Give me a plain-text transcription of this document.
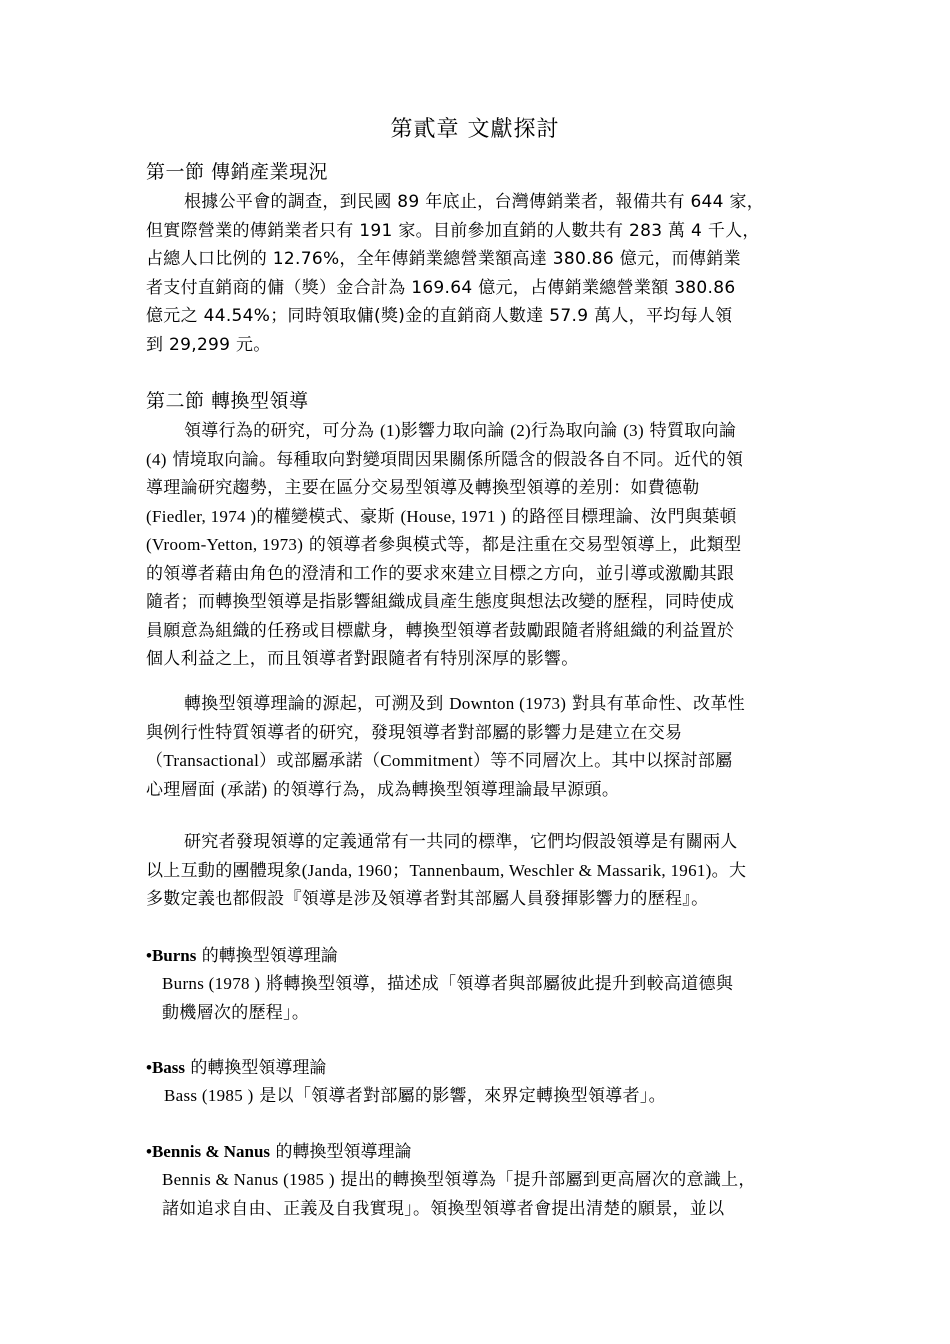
第貳章 文獻探討
第一節 傳銷產業現況
根據公平會的調查，到民國 89 年底止，台灣傳銷業者，報備共有 644 家，
但實際營業的傳銷業者只有 191 家。目前參加直銷的人數共有 283 萬 4 千人，
占總人口比例的 12.76%，全年傳銷業總營業額高達 380.86 億元，而傳銷業
者支付直銷商的傭（獎）金合計為 169.64 億元，占傳銷業總營業額 380.86
億元之 44.54%；同時領取傭(獎)金的直銷商人數達 57.9 萬人，平均每人領
到 29,299 元。
第二節 轉換型領導
領導行為的研究，可分為 (1)影響力取向論 (2)行為取向論 (3) 特質取向論
(4) 情境取向論。每種取向對變項間因果關係所隱含的假設各自不同。近代的領
導理論研究趨勢，主要在區分交易型領導及轉換型領導的差別：如費德勒
(Fiedler, 1974 )的權變模式、豪斯 (House, 1971 ) 的路徑目標理論、汝門與葉頓
(Vroom-Yetton, 1973) 的領導者參與模式等，都是注重在交易型領導上，此類型
的領導者藉由角色的澄清和工作的要求來建立目標之方向，並引導或激勵其跟
隨者；而轉換型領導是指影響組織成員產生態度與想法改變的歷程，同時使成
員願意為組織的任務或目標獻身，轉換型領導者鼓勵跟隨者將組織的利益置於
個人利益之上，而且領導者對跟隨者有特別深厚的影響。
轉換型領導理論的源起，可溯及到 Downton (1973) 對具有革命性、改革性
與例行性特質領導者的研究，發現領導者對部屬的影響力是建立在交易
（Transactional）或部屬承諾（Commitment）等不同層次上。其中以探討部屬
心理層面 (承諾) 的領導行為，成為轉換型領導理論最早源頭。
研究者發現領導的定義通常有一共同的標準，它們均假設領導是有關兩人
以上互動的團體現象(Janda, 1960；Tannenbaum, Weschler & Massarik, 1961)。大
多數定義也都假設『領導是涉及領導者對其部屬人員發揮影響力的歷程』。
•Burns 的轉換型領導理論
Burns (1978 ) 將轉換型領導，描述成「領導者與部屬彼此提升到較高道德與
動機層次的歷程」。
•Bass 的轉換型領導理論
Bass (1985 ) 是以「領導者對部屬的影響，來界定轉換型領導者」。
•Bennis & Nanus 的轉換型領導理論
Bennis & Nanus (1985 ) 提出的轉換型領導為「提升部屬到更高層次的意識上，
諸如追求自由、正義及自我實現」。領換型領導者會提出清楚的願景，並以
